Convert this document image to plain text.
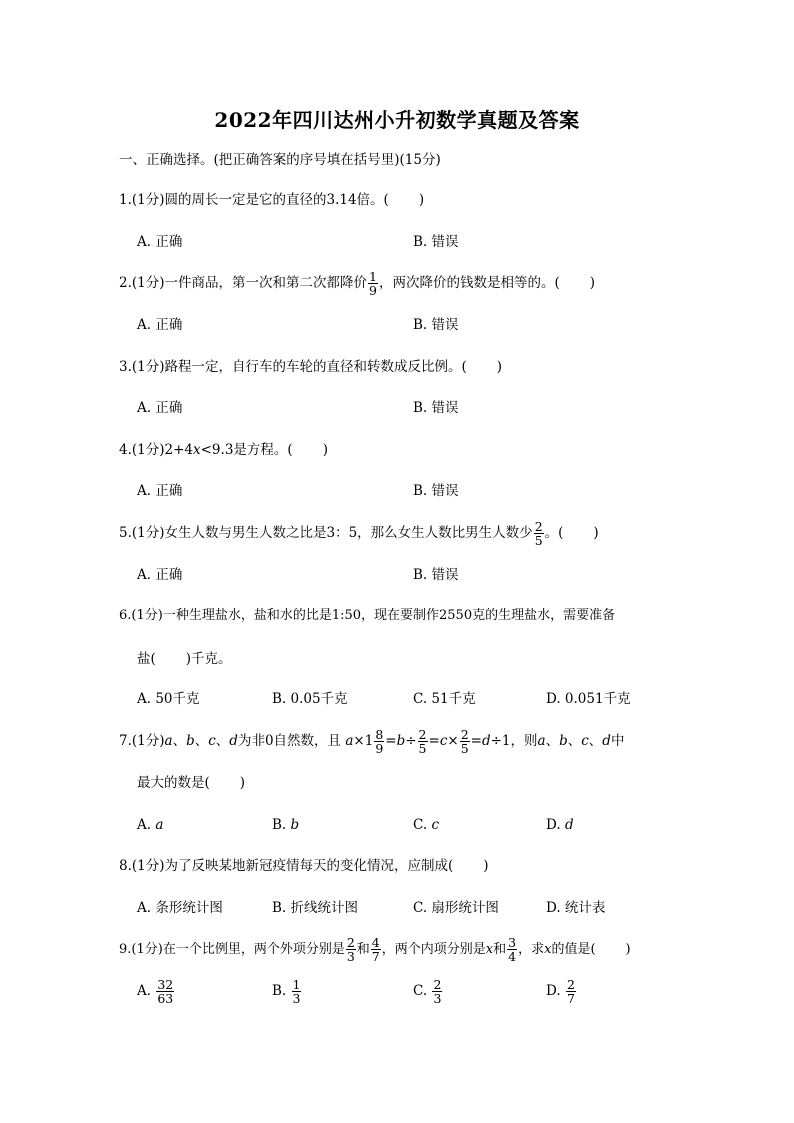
2022年四川达州小升初数学真题及答案
一、正确选择。(把正确答案的序号填在括号里)(15分)
1.(1分)圆的周长一定是它的直径的3.14倍。( )
A. 正确	B. 错误
2.(1分)一件商品，第一次和第二次都降价 $\frac{1}{9}$ ，两次降价的钱数是相等的。( )
A. 正确	B. 错误
3.(1分)路程一定，自行车的车轮的直径和转数成反比例。( )
A. 正确	B. 错误
4.(1分)2+4x<9.3是方程。( )
A. 正确	B. 错误
5.(1分)女生人数与男生人数之比是3：5，那么女生人数比男生人数少 $\frac{2}{5}$ 。( )
A. 正确	B. 错误
6.(1分)一种生理盐水，盐和水的比是1:50，现在要制作2550克的生理盐水，需要准备
盐( )千克。
A. 50千克	B. 0.05千克	C. 51千克	D. 0.051千克
7.(1分)a、b、c、d为非0自然数，且 $a\times 1 \frac{8}{9} =b\div \frac{2}{5} =c\times \frac{2}{5} =d\div 1$，则a、b、c、d中
最大的数是( )
A. a	B. b	C. c	D. d
8.(1分)为了反映某地新冠疫情每天的变化情况，应制成( )
A. 条形统计图	B. 折线统计图	C. 扇形统计图	D. 统计表
9.(1分)在一个比例里，两个外项分别是 $\frac{2}{3}$ 和 $\frac{4}{7}$ ，两个内项分别是x和 $\frac{3}{4}$ ，求x的值是( )
A. $\frac{32}{63}$	B. $\frac{1}{3}$	C. $\frac{2}{3}$	D. $\frac{2}{7}$
